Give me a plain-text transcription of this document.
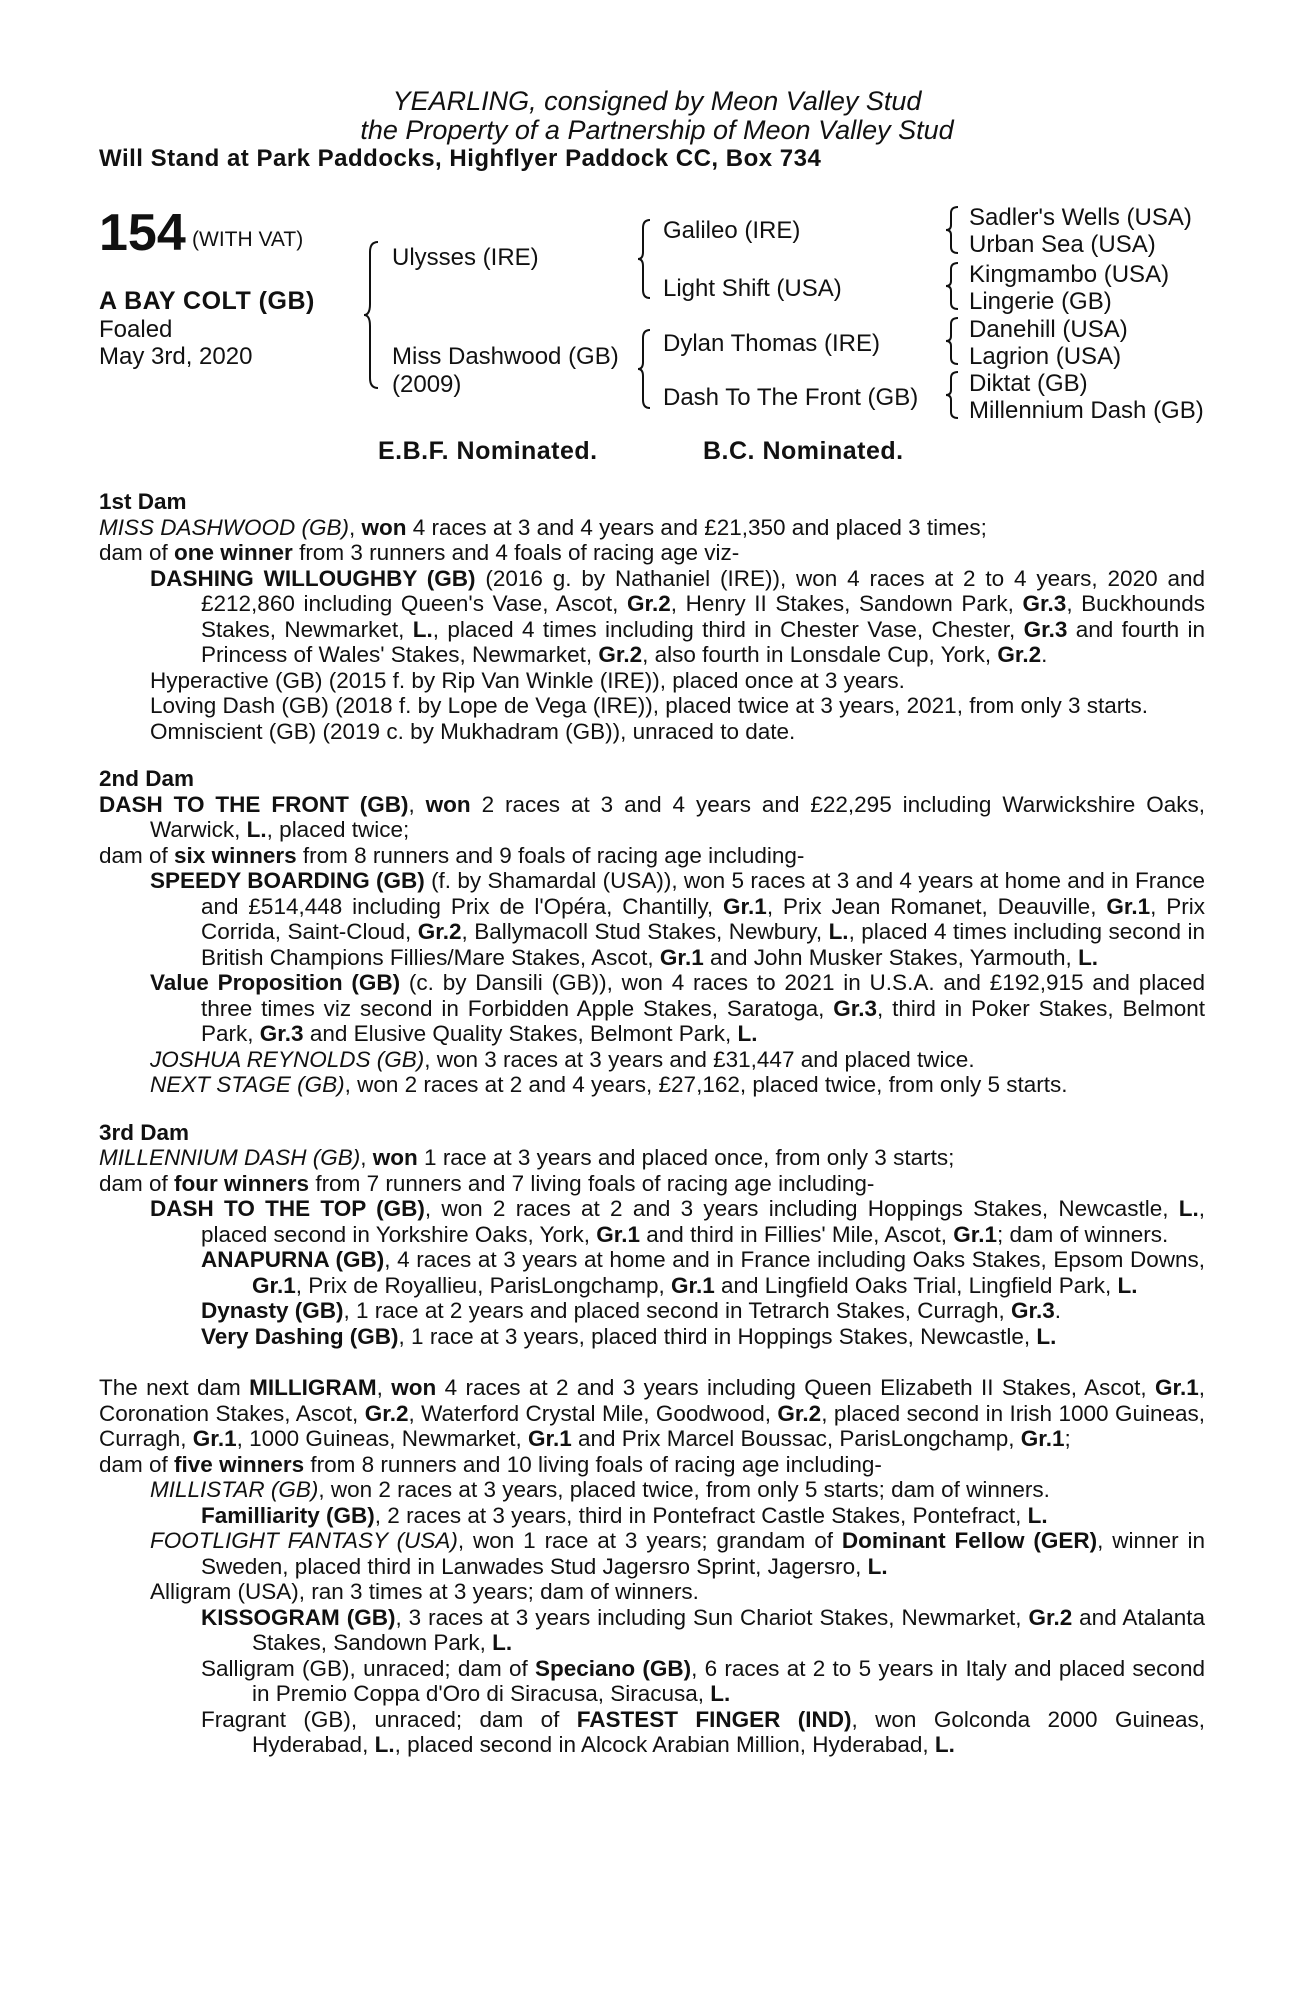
YEARLING, consigned by Meon Valley Stud
the Property of a Partnership of Meon Valley Stud
Will Stand at Park Paddocks, Highflyer Paddock CC, Box 734
154 (WITH VAT)
A BAY COLT (GB)
Foaled
May 3rd, 2020
Ulysses (IRE)
Miss Dashwood (GB)
(2009)
Galileo (IRE)
Light Shift (USA)
Dylan Thomas (IRE)
Dash To The Front (GB)
Sadler's Wells (USA)
Urban Sea (USA)
Kingmambo (USA)
Lingerie (GB)
Danehill (USA)
Lagrion (USA)
Diktat (GB)
Millennium Dash (GB)
E.B.F. Nominated.	B.C. Nominated.

1st Dam

MISS DASHWOOD (GB), won 4 races at 3 and 4 years and £21,350 and placed 3 times;

dam of one winner from 3 runners and 4 foals of racing age viz-

DASHING WILLOUGHBY (GB) (2016 g. by Nathaniel (IRE)), won 4 races at 2 to 4 years, 2020 and £212,860 including Queen's Vase, Ascot, Gr.2, Henry II Stakes, Sandown Park, Gr.3, Buckhounds Stakes, Newmarket, L., placed 4 times including third in Chester Vase, Chester, Gr.3 and fourth in Princess of Wales' Stakes, Newmarket, Gr.2, also fourth in Lonsdale Cup, York, Gr.2.

Hyperactive (GB) (2015 f. by Rip Van Winkle (IRE)), placed once at 3 years.

Loving Dash (GB) (2018 f. by Lope de Vega (IRE)), placed twice at 3 years, 2021, from only 3 starts.

Omniscient (GB) (2019 c. by Mukhadram (GB)), unraced to date.

2nd Dam

DASH TO THE FRONT (GB), won 2 races at 3 and 4 years and £22,295 including Warwickshire Oaks, Warwick, L., placed twice;

dam of six winners from 8 runners and 9 foals of racing age including-

SPEEDY BOARDING (GB) (f. by Shamardal (USA)), won 5 races at 3 and 4 years at home and in France and £514,448 including Prix de l'Opéra, Chantilly, Gr.1, Prix Jean Romanet, Deauville, Gr.1, Prix Corrida, Saint-Cloud, Gr.2, Ballymacoll Stud Stakes, Newbury, L., placed 4 times including second in British Champions Fillies/Mare Stakes, Ascot, Gr.1 and John Musker Stakes, Yarmouth, L.

Value Proposition (GB) (c. by Dansili (GB)), won 4 races to 2021 in U.S.A. and £192,915 and placed three times viz second in Forbidden Apple Stakes, Saratoga, Gr.3, third in Poker Stakes, Belmont Park, Gr.3 and Elusive Quality Stakes, Belmont Park, L.

JOSHUA REYNOLDS (GB), won 3 races at 3 years and £31,447 and placed twice.

NEXT STAGE (GB), won 2 races at 2 and 4 years, £27,162, placed twice, from only 5 starts.

3rd Dam

MILLENNIUM DASH (GB), won 1 race at 3 years and placed once, from only 3 starts;

dam of four winners from 7 runners and 7 living foals of racing age including-

DASH TO THE TOP (GB), won 2 races at 2 and 3 years including Hoppings Stakes, Newcastle, L., placed second in Yorkshire Oaks, York, Gr.1 and third in Fillies' Mile, Ascot, Gr.1; dam of winners.

ANAPURNA (GB), 4 races at 3 years at home and in France including Oaks Stakes, Epsom Downs, Gr.1, Prix de Royallieu, ParisLongchamp, Gr.1 and Lingfield Oaks Trial, Lingfield Park, L.

Dynasty (GB), 1 race at 2 years and placed second in Tetrarch Stakes, Curragh, Gr.3.

Very Dashing (GB), 1 race at 3 years, placed third in Hoppings Stakes, Newcastle, L.

The next dam MILLIGRAM, won 4 races at 2 and 3 years including Queen Elizabeth II Stakes, Ascot, Gr.1, Coronation Stakes, Ascot, Gr.2, Waterford Crystal Mile, Goodwood, Gr.2, placed second in Irish 1000 Guineas, Curragh, Gr.1, 1000 Guineas, Newmarket, Gr.1 and Prix Marcel Boussac, ParisLongchamp, Gr.1;

dam of five winners from 8 runners and 10 living foals of racing age including-

MILLISTAR (GB), won 2 races at 3 years, placed twice, from only 5 starts; dam of winners.

Familliarity (GB), 2 races at 3 years, third in Pontefract Castle Stakes, Pontefract, L.

FOOTLIGHT FANTASY (USA), won 1 race at 3 years; grandam of Dominant Fellow (GER), winner in Sweden, placed third in Lanwades Stud Jagersro Sprint, Jagersro, L.

Alligram (USA), ran 3 times at 3 years; dam of winners.

KISSOGRAM (GB), 3 races at 3 years including Sun Chariot Stakes, Newmarket, Gr.2 and Atalanta Stakes, Sandown Park, L.

Salligram (GB), unraced; dam of Speciano (GB), 6 races at 2 to 5 years in Italy and placed second in Premio Coppa d'Oro di Siracusa, Siracusa, L.

Fragrant (GB), unraced; dam of FASTEST FINGER (IND), won Golconda 2000 Guineas, Hyderabad, L., placed second in Alcock Arabian Million, Hyderabad, L.
